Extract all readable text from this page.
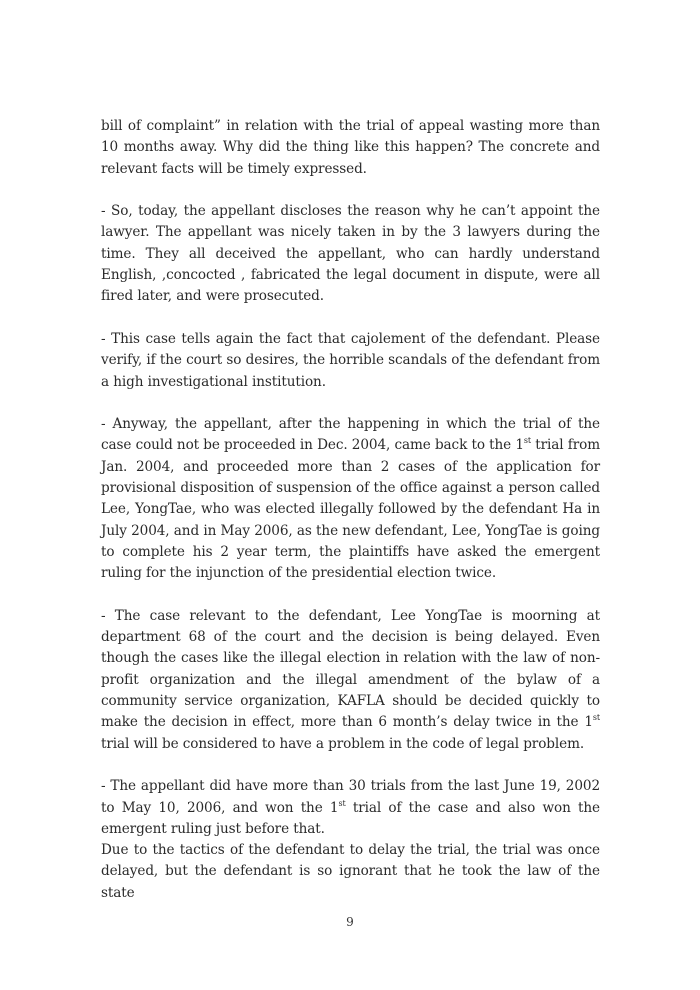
bill of complaint” in relation with the trial of appeal wasting more than 10 months away. Why did the thing like this happen? The concrete and relevant facts will be timely expressed.

- So, today, the appellant discloses the reason why he can’t appoint the lawyer. The appellant was nicely taken in by the 3 lawyers during the time. They all deceived the appellant, who can hardly understand English, ,concocted , fabricated the legal document in dispute, were all fired later, and were prosecuted.

- This case tells again the fact that cajolement of the defendant. Please verify, if the court so desires, the horrible scandals of the defendant from a high investigational institution.

- Anyway, the appellant, after the happening in which the trial of the case could not be proceeded in Dec. 2004, came back to the 1st trial from Jan. 2004, and proceeded more than 2 cases of the application for provisional disposition of suspension of the office against a person called Lee, YongTae, who was elected illegally followed by the defendant Ha in July 2004, and in May 2006, as the new defendant, Lee, YongTae is going to complete his 2 year term, the plaintiffs have asked the emergent ruling for the injunction of the presidential election twice.

- The case relevant to the defendant, Lee YongTae is moorning at department 68 of the court and the decision is being delayed. Even though the cases like the illegal election in relation with the law of non-profit organization and the illegal amendment of the bylaw of a community service organization, KAFLA should be decided quickly to make the decision in effect, more than 6 month’s delay twice in the 1st trial will be considered to have a problem in the code of legal problem.

- The appellant did have more than 30 trials from the last June 19, 2002 to May 10, 2006, and won the 1st trial of the case and also won the emergent ruling just before that.

Due to the tactics of the defendant to delay the trial, the trial was once delayed, but the defendant is so ignorant that he took the law of the state

9
